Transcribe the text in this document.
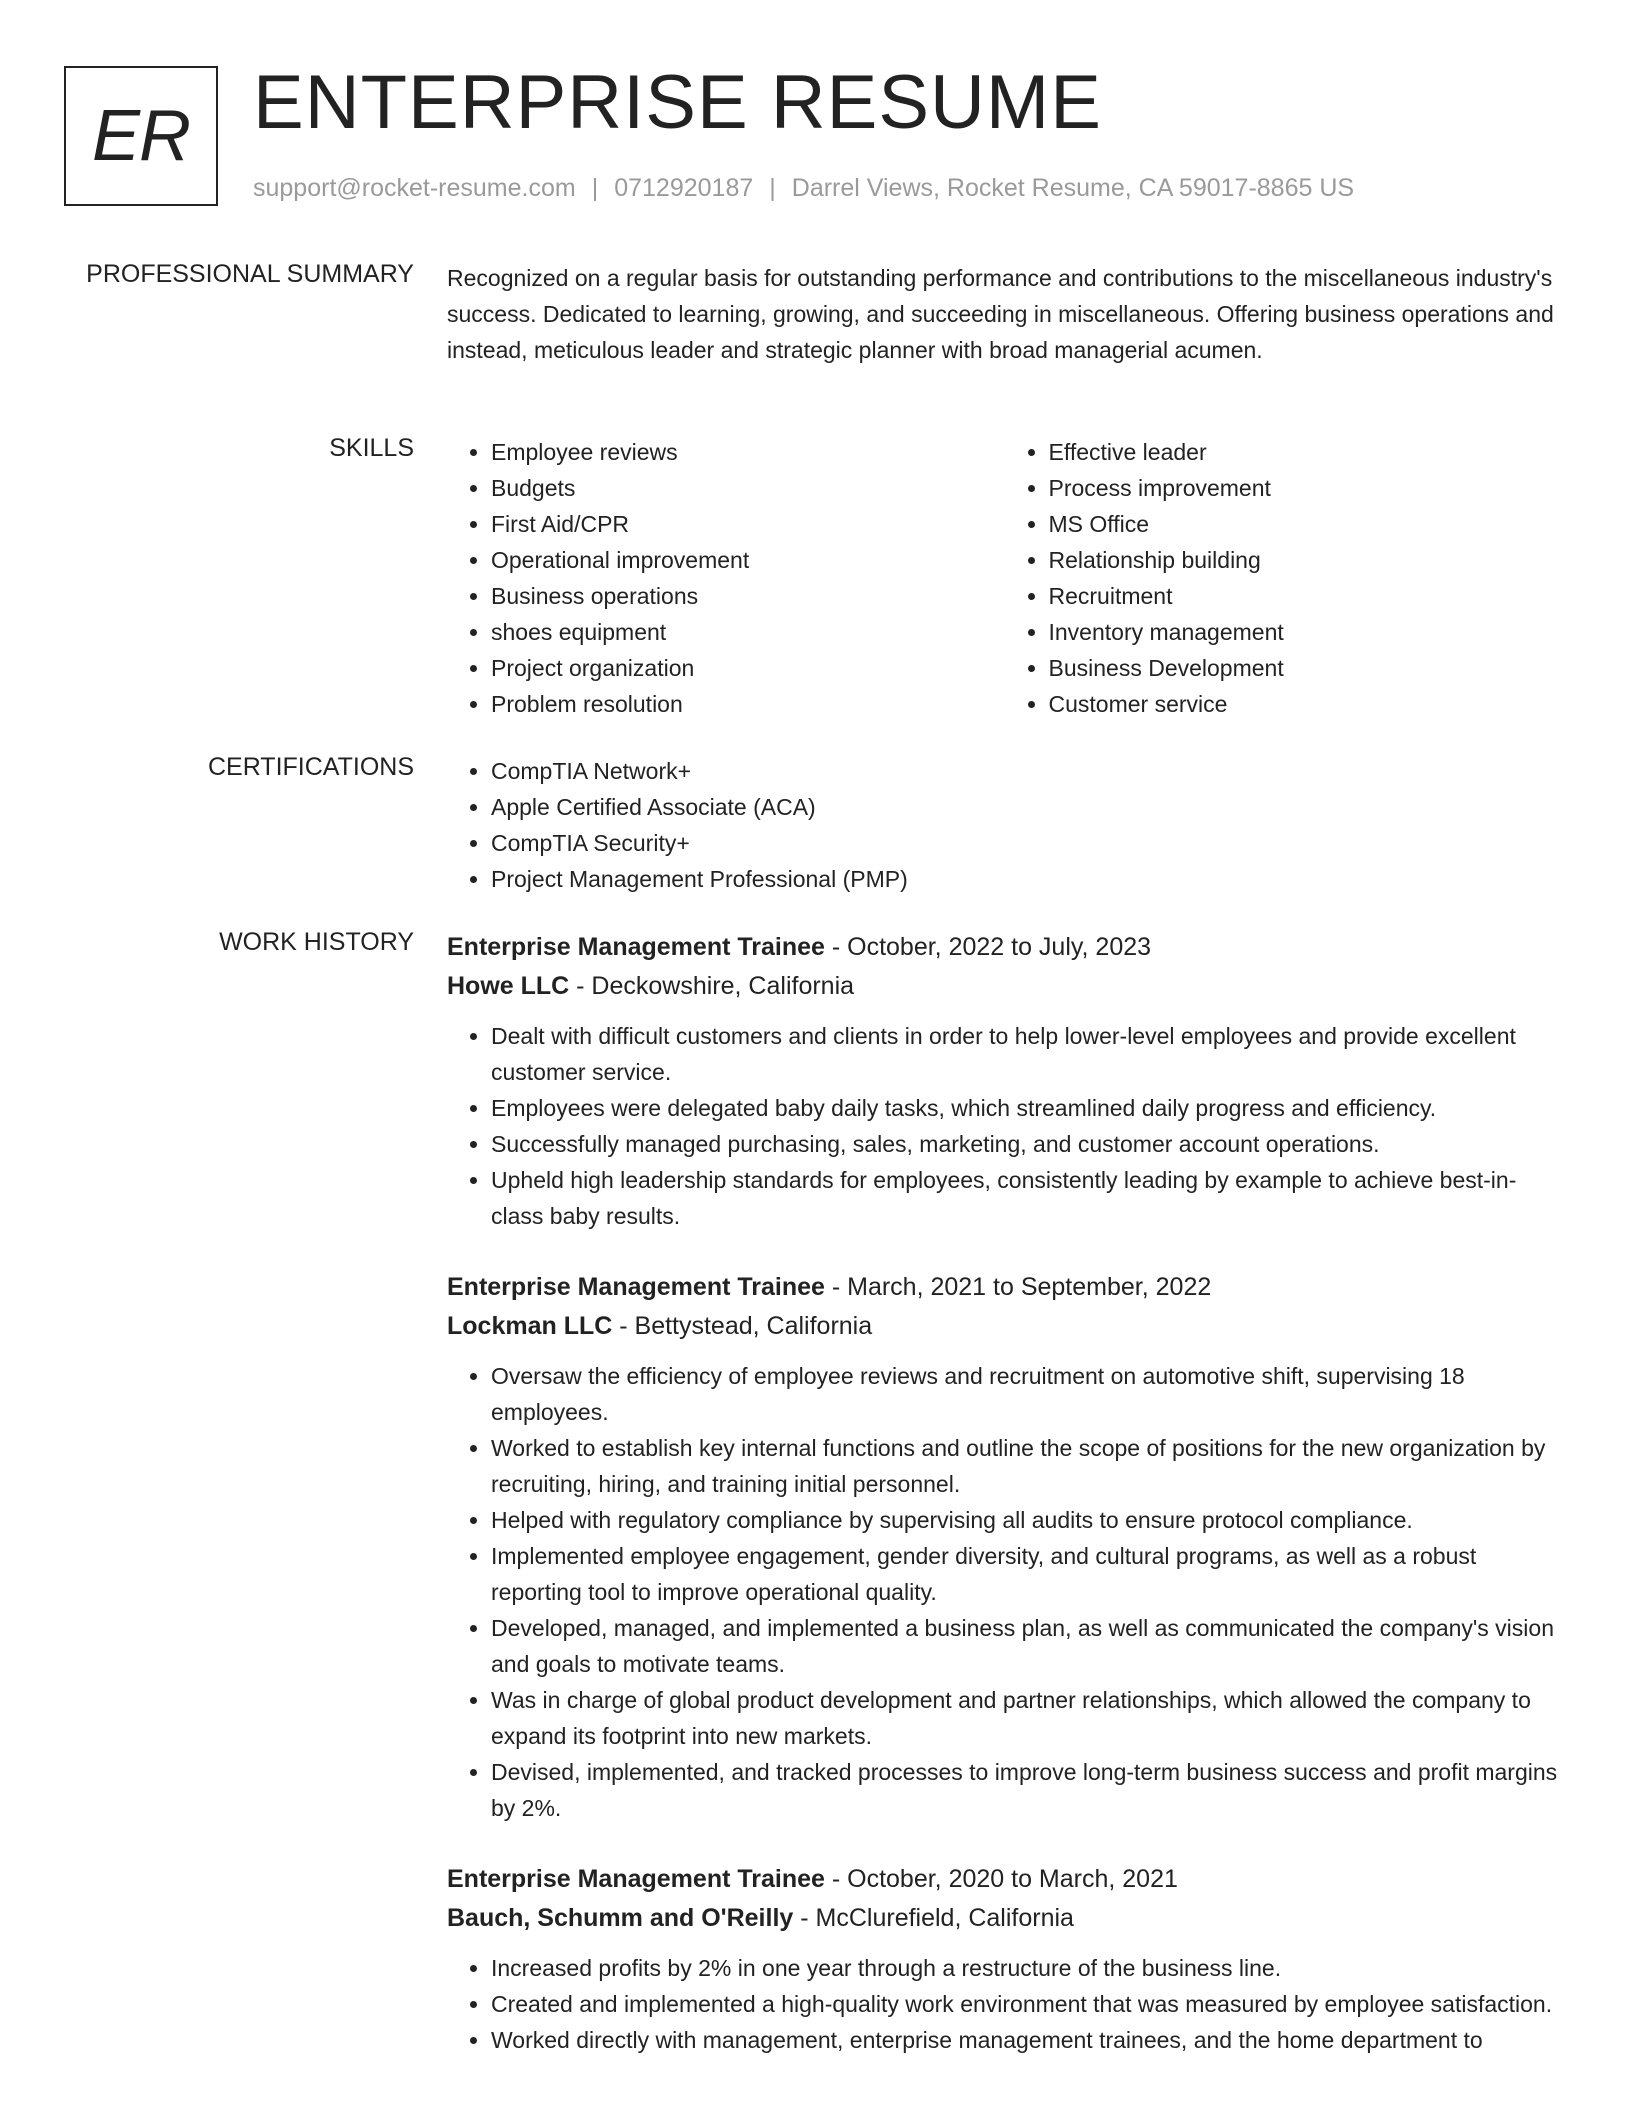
ER ENTERPRISE RESUME
support@rocket-resume.com | 0712920187 | Darrel Views, Rocket Resume, CA 59017-8865 US
PROFESSIONAL SUMMARY Recognized on a regular basis for outstanding performance and contributions to the miscellaneous industry's success. Dedicated to learning, growing, and succeeding in miscellaneous. Offering business operations and instead, meticulous leader and strategic planner with broad managerial acumen.
SKILLS	• Employee reviews
• Budgets
• First Aid/CPR
• Operational improvement
• Business operations
• shoes equipment
• Project organization
• Problem resolution
• Effective leader
• Process improvement
• MS Office
• Relationship building
• Recruitment
• Inventory management
• Business Development
• Customer service
CERTIFICATIONS	• CompTIA Network+
• Apple Certified Associate (ACA)
• CompTIA Security+
• Project Management Professional (PMP)
WORK HISTORY Enterprise Management Trainee - October, 2022 to July, 2023
Howe LLC - Deckowshire, California
• Dealt with difficult customers and clients in order to help lower-level employees and provide excellent customer service.
• Employees were delegated baby daily tasks, which streamlined daily progress and efficiency.
• Successfully managed purchasing, sales, marketing, and customer account operations.
• Upheld high leadership standards for employees, consistently leading by example to achieve best-in-class baby results.
Enterprise Management Trainee - March, 2021 to September, 2022
Lockman LLC - Bettystead, California
• Oversaw the efficiency of employee reviews and recruitment on automotive shift, supervising 18 employees.
• Worked to establish key internal functions and outline the scope of positions for the new organization by recruiting, hiring, and training initial personnel.
• Helped with regulatory compliance by supervising all audits to ensure protocol compliance.
• Implemented employee engagement, gender diversity, and cultural programs, as well as a robust reporting tool to improve operational quality.
• Developed, managed, and implemented a business plan, as well as communicated the company's vision and goals to motivate teams.
• Was in charge of global product development and partner relationships, which allowed the company to expand its footprint into new markets.
• Devised, implemented, and tracked processes to improve long-term business success and profit margins by 2%.
Enterprise Management Trainee - October, 2020 to March, 2021
Bauch, Schumm and O'Reilly - McClurefield, California
• Increased profits by 2% in one year through a restructure of the business line.
• Created and implemented a high-quality work environment that was measured by employee satisfaction.
• Worked directly with management, enterprise management trainees, and the home department to
